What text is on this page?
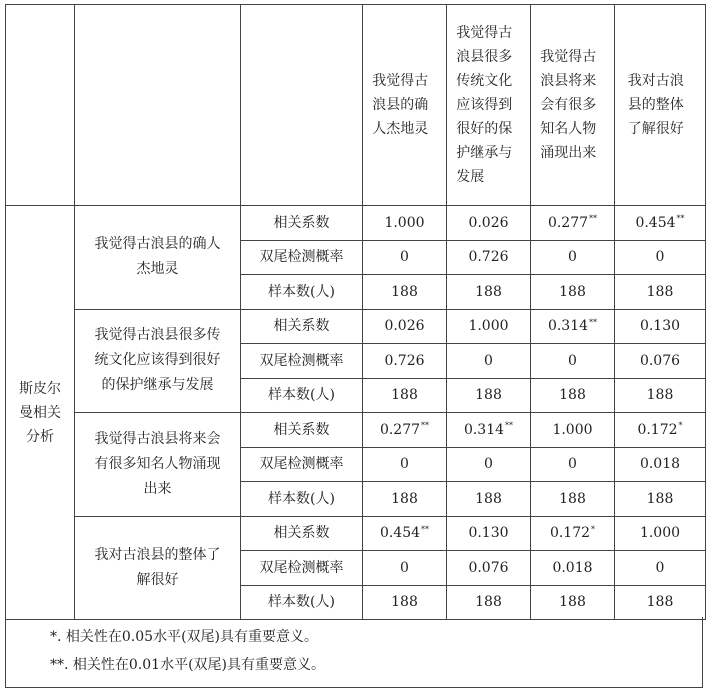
			我觉得古浪县的确人杰地灵	我觉得古浪县很多传统文化应该得到很好的保护继承与发展	我觉得古浪县将来会有很多知名人物涌现出来	我对古浪县的整体了解很好
斯皮尔曼相关分析	我觉得古浪县的确人杰地灵	相关系数	1.000	0.026	0.277**	0.454**
		双尾检测概率	0	0.726	0	0
		样本数(人)	188	188	188	188
	我觉得古浪县很多传统文化应该得到很好的保护继承与发展	相关系数	0.026	1.000	0.314**	0.130
		双尾检测概率	0.726	0	0	0.076
		样本数(人)	188	188	188	188
	我觉得古浪县将来会有很多知名人物涌现出来	相关系数	0.277**	0.314**	1.000	0.172*
		双尾检测概率	0	0	0	0.018
		样本数(人)	188	188	188	188
	我对古浪县的整体了解很好	相关系数	0.454**	0.130	0.172*	1.000
		双尾检测概率	0	0.076	0.018	0
		样本数(人)	188	188	188	188
*. 相关性在0.05水平(双尾)具有重要意义。
**. 相关性在0.01水平(双尾)具有重要意义。
